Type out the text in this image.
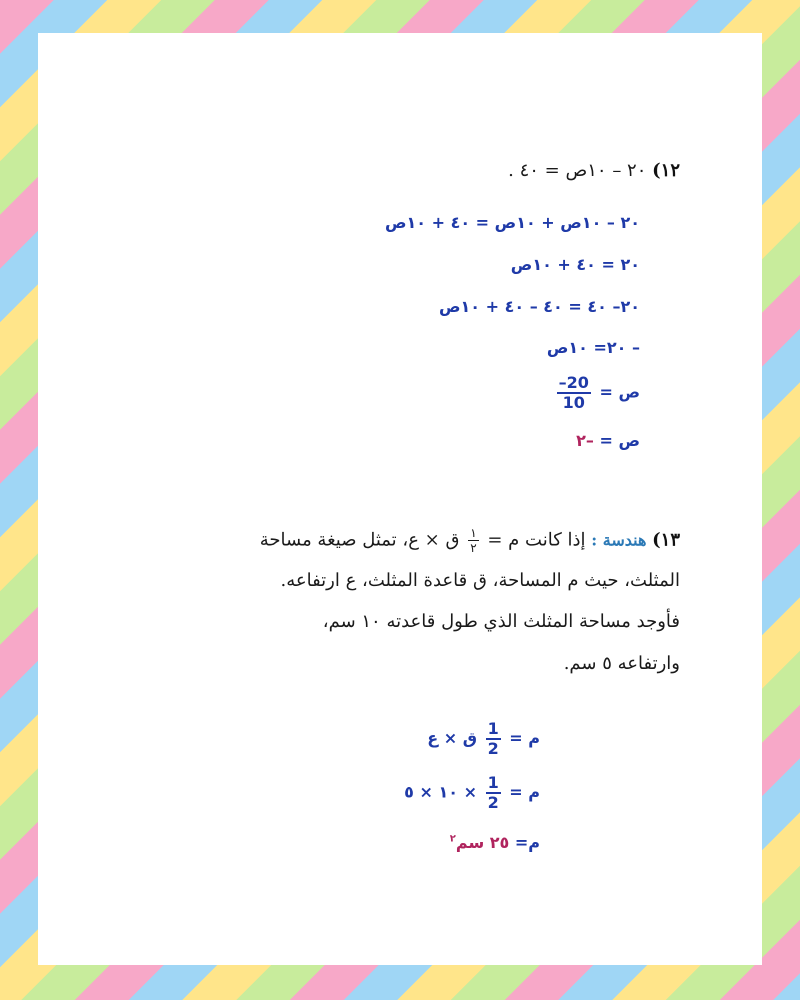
١٢) ٢٠ – ١٠ص = ٤٠ .
٢٠ – ١٠ص + ١٠ص = ٤٠ + ١٠ص
٢٠ = ٤٠ + ١٠ص
٢٠– ٤٠ = ٤٠ – ٤٠ + ١٠ص
– ٢٠= ١٠ص
ص =
$\frac{20-}{10}$
ص = –٢
١٣) هندسة : إذا كانت م =
$\frac{١}{٢}$
ق × ع، تمثل صيغة مساحة
المثلث، حيث م المساحة، ق قاعدة المثلث، ع ارتفاعه.
فأوجد مساحة المثلث الذي طول قاعدته ١٠ سم،
وارتفاعه ٥ سم.
م =
$\frac{1}{2}$
ق × ع
م =
$\frac{1}{2}$
× ١٠ × ٥
م= ٢٥ سم$^٢$
